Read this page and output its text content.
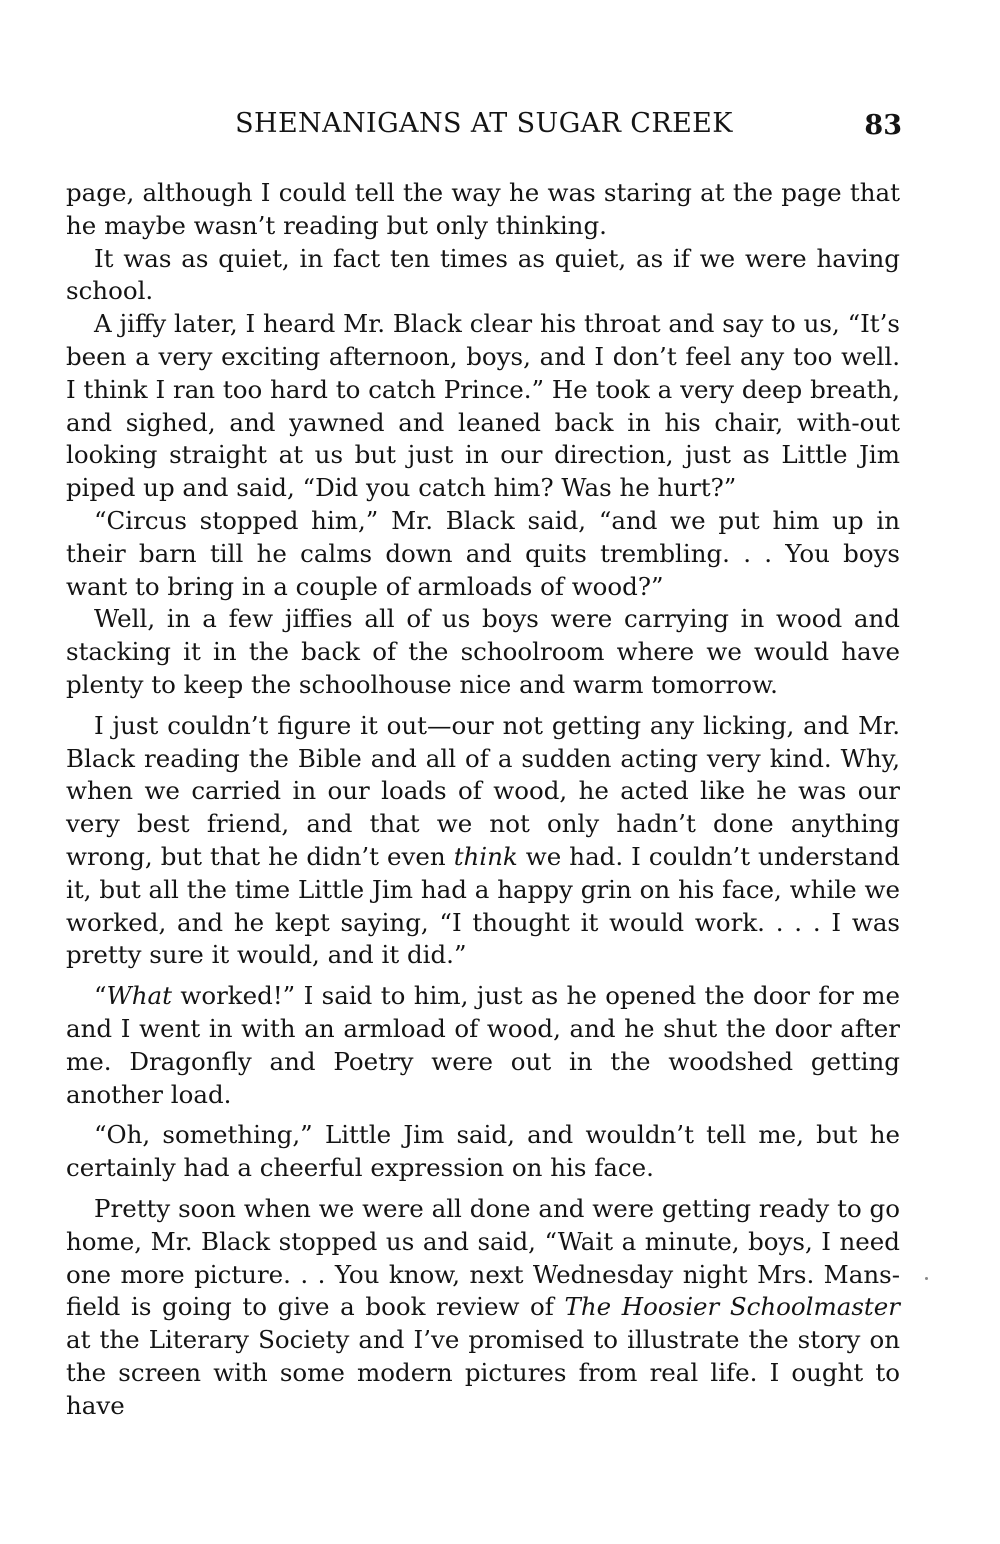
SHENANIGANS AT SUGAR CREEK	83

page, although I could tell the way he was staring at the page that he maybe wasn’t reading but only thinking.

It was as quiet, in fact ten times as quiet, as if we were having school.

A jiffy later, I heard Mr. Black clear his throat and say to us, “It’s been a very exciting afternoon, boys, and I don’t feel any too well. I think I ran too hard to catch Prince.” He took a very deep breath, and sighed, and yawned and leaned back in his chair, with-out looking straight at us but just in our direction, just as Little Jim piped up and said, “Did you catch him? Was he hurt?”

“Circus stopped him,” Mr. Black said, “and we put him up in their barn till he calms down and quits trembling. . . You boys want to bring in a couple of armloads of wood?”

Well, in a few jiffies all of us boys were carrying in wood and stacking it in the back of the schoolroom where we would have plenty to keep the schoolhouse nice and warm tomorrow.

I just couldn’t figure it out—our not getting any licking, and Mr. Black reading the Bible and all of a sudden acting very kind. Why, when we carried in our loads of wood, he acted like he was our very best friend, and that we not only hadn’t done anything wrong, but that he didn’t even think we had. I couldn’t understand it, but all the time Little Jim had a happy grin on his face, while we worked, and he kept saying, “I thought it would work. . . . I was pretty sure it would, and it did.”

“What worked!” I said to him, just as he opened the door for me and I went in with an armload of wood, and he shut the door after me. Dragonfly and Poetry were out in the woodshed getting another load.

“Oh, something,” Little Jim said, and wouldn’t tell me, but he certainly had a cheerful expression on his face.

Pretty soon when we were all done and were getting ready to go home, Mr. Black stopped us and said, “Wait a minute, boys, I need one more picture. . . You know, next Wednesday night Mrs. Mans-field is going to give a book review of The Hoosier Schoolmaster at the Literary Society and I’ve promised to illustrate the story on the screen with some modern pictures from real life. I ought to have
